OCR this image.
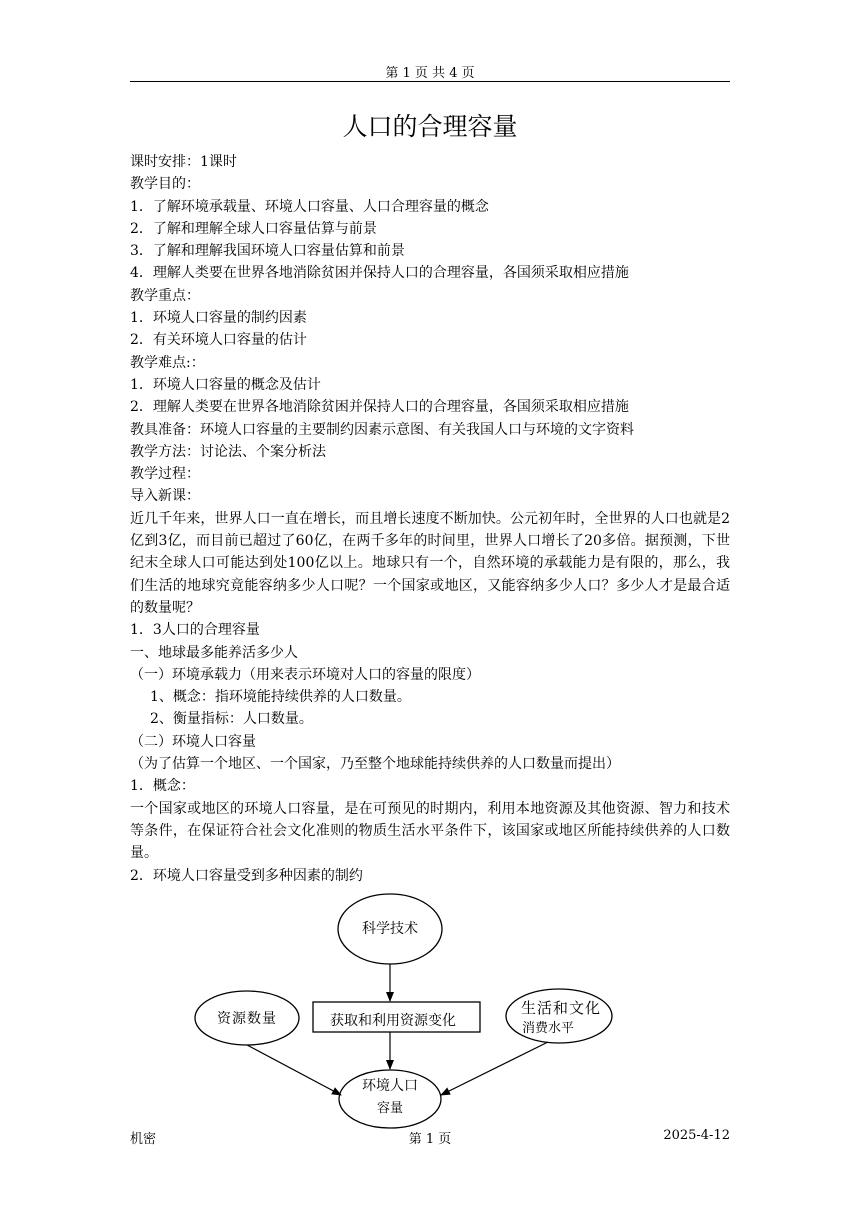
第 1 页 共 4 页
人口的合理容量
课时安排：1课时
教学目的：
1．了解环境承载量、环境人口容量、人口合理容量的概念
2．了解和理解全球人口容量估算与前景
3．了解和理解我国环境人口容量估算和前景
4．理解人类要在世界各地消除贫困并保持人口的合理容量，各国须采取相应措施
教学重点：
1．环境人口容量的制约因素
2．有关环境人口容量的估计
教学难点:：
1．环境人口容量的概念及估计
2．理解人类要在世界各地消除贫困并保持人口的合理容量，各国须采取相应措施
教具准备：环境人口容量的主要制约因素示意图、有关我国人口与环境的文字资料
教学方法：讨论法、个案分析法
教学过程：
导入新课：
近几千年来，世界人口一直在增长，而且增长速度不断加快。公元初年时，全世界的人口也就是2亿到3亿，而目前已超过了60亿，在两千多年的时间里，世界人口增长了20多倍。据预测，下世纪末全球人口可能达到处100亿以上。地球只有一个，自然环境的承载能力是有限的，那么，我们生活的地球究竟能容纳多少人口呢？一个国家或地区，又能容纳多少人口？多少人才是最合适的数量呢？
1．3人口的合理容量
一、地球最多能养活多少人
（一）环境承载力（用来表示环境对人口的容量的限度）
1、概念：指环境能持续供养的人口数量。
2、衡量指标：人口数量。
（二）环境人口容量
（为了估算一个地区、一个国家，乃至整个地球能持续供养的人口数量而提出）
1．概念：
一个国家或地区的环境人口容量，是在可预见的时期内，利用本地资源及其他资源、智力和技术等条件，在保证符合社会文化准则的物质生活水平条件下，该国家或地区所能持续供养的人口数量。
2．环境人口容量受到多种因素的制约
科学技术
资源数量	获取和利用资源变化
生活和文化
消费水平
环境人口
容量
机密	第 1 页	2025-4-12
